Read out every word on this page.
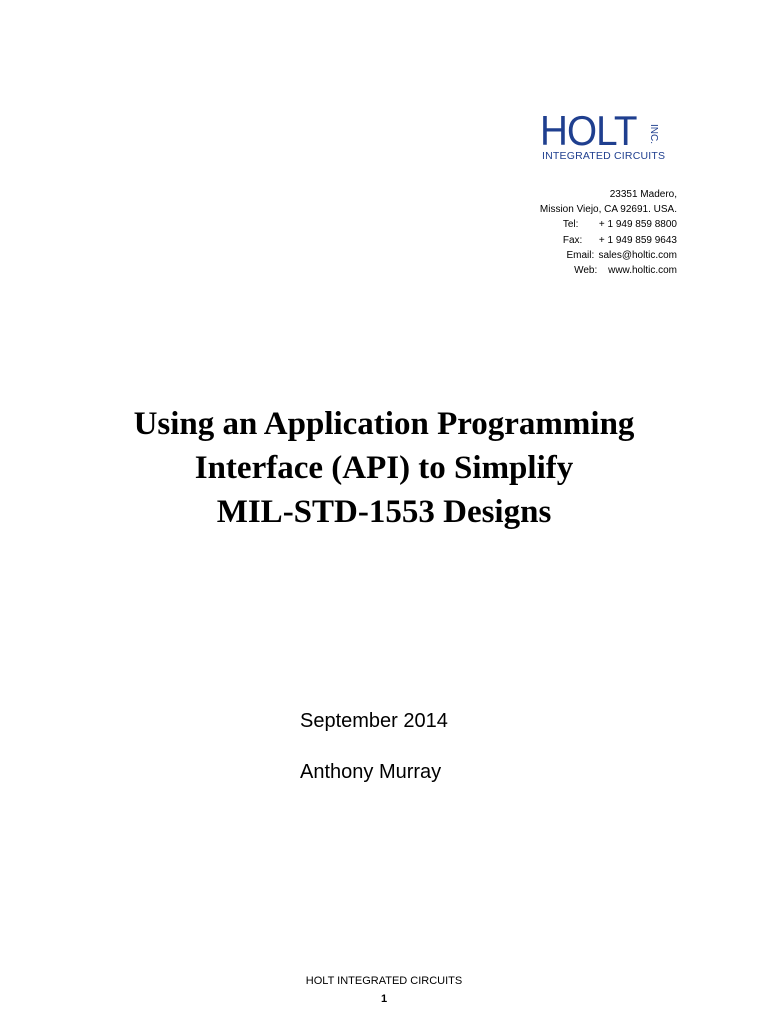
HOLT INC.
INTEGRATED CIRCUITS
23351 Madero,
Mission Viejo, CA 92691. USA.
Tel: + 1 949 859 8800
Fax: + 1 949 859 9643
Email: sales@holtic.com
Web: www.holtic.com
Using an Application Programming
Interface (API) to Simplify
MIL-STD-1553 Designs
September 2014
Anthony Murray
HOLT INTEGRATED CIRCUITS
1
